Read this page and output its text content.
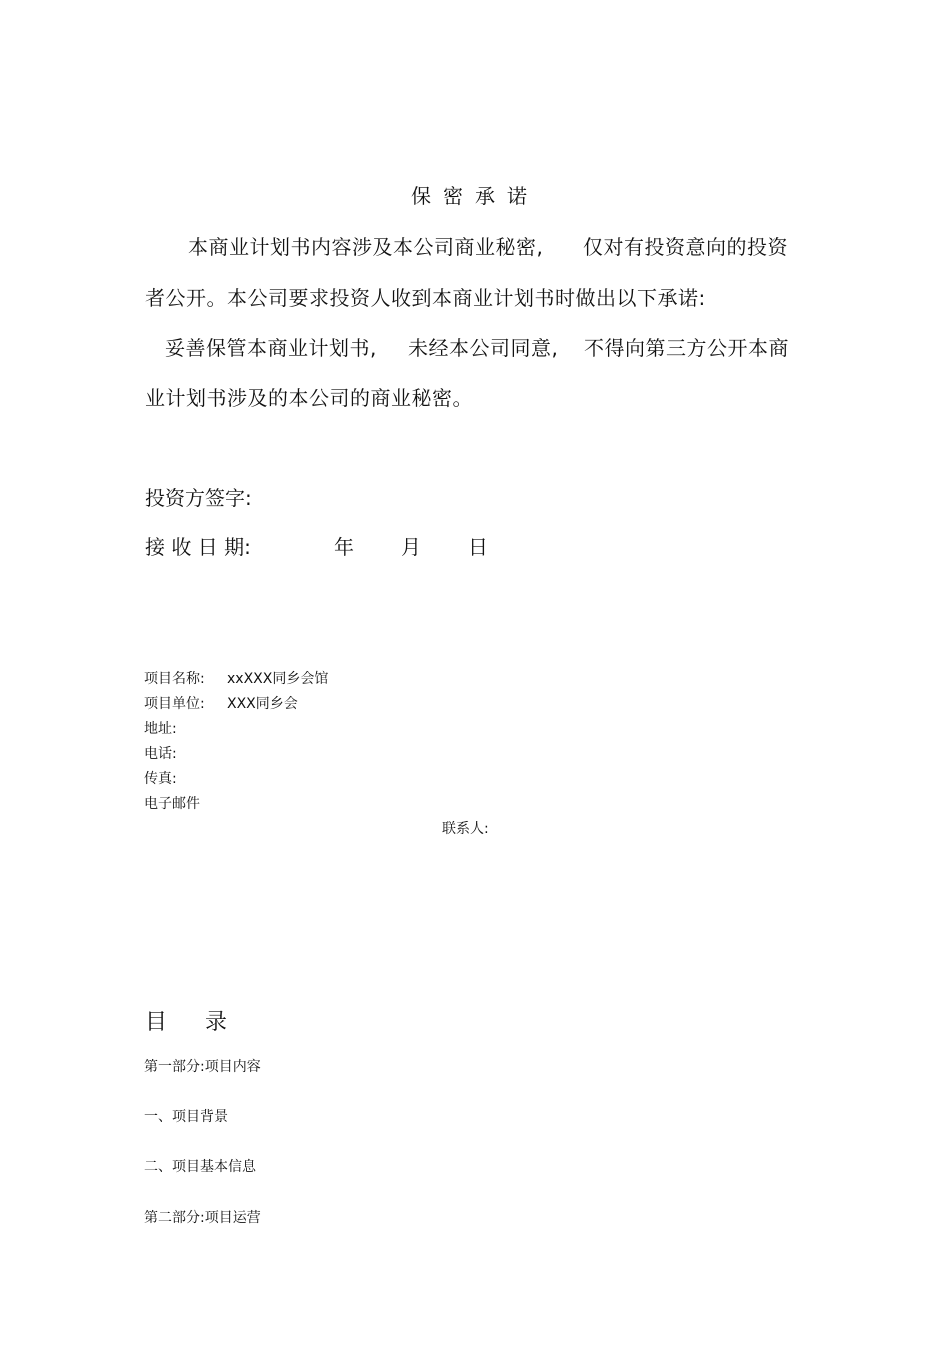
保密承诺
本商业计划书内容涉及本公司商业秘密, 仅对有投资意向的投资
者公开。本公司要求投资人收到本商业计划书时做出以下承诺:
妥善保管本商业计划书, 未经本公司同意, 不得向第三方公开本商
业计划书涉及的本公司的商业秘密。
投资方签字:
接 收 日 期:	年 月 日
项目名称: xxXXX同乡会馆
项目单位: XXX同乡会
地址:
电话:
传真:
电子邮件
联系人:
目    录
第一部分:项目内容
一、项目背景
二、项目基本信息
第二部分:项目运营
